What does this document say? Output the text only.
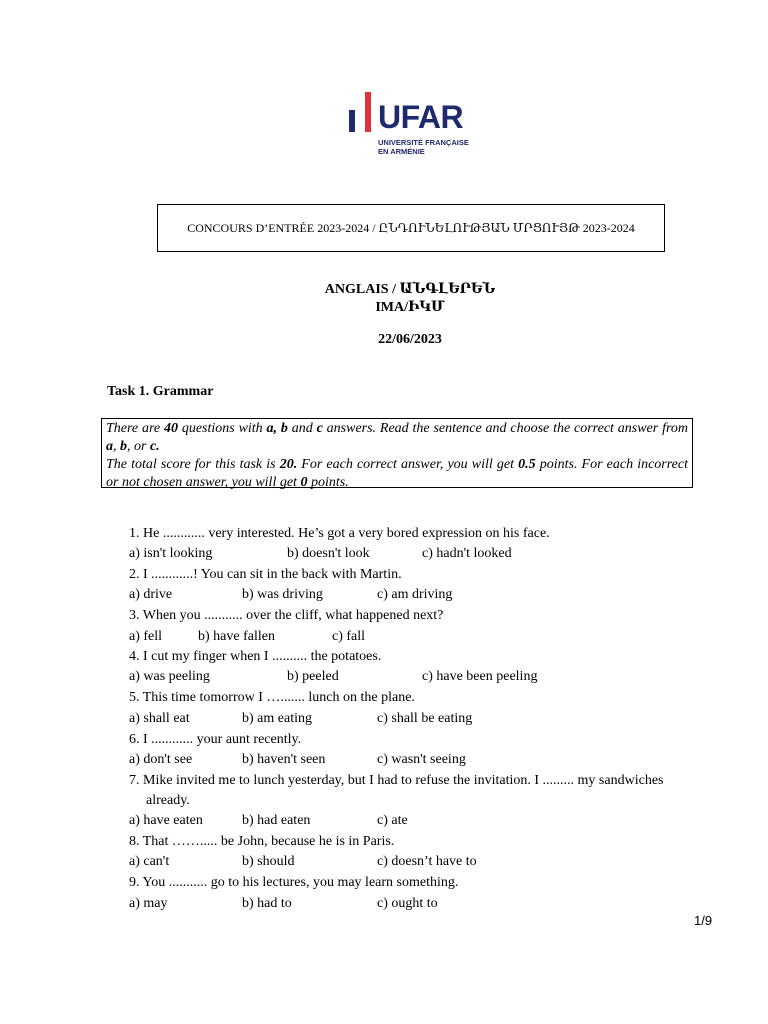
UFAR
UNIVERSITÉ FRANÇAISE
EN ARMÉNIE
CONCOURS D’ENTRÉE 2023-2024 / ԸՆԴՈՒՆԵԼՈՒԹՅԱՆ ՄՐՑՈՒՅԹ 2023-2024
ANGLAIS / ԱՆԳԼԵՐԵՆ
IMA/ԻԿՄ
22/06/2023
Task 1. Grammar
There are 40 questions with a, b and c answers. Read the sentence and choose the correct answer from a, b, or c.
The total score for this task is 20. For each correct answer, you will get 0.5 points. For each incorrect or not chosen answer, you will get 0 points.
1. He ............ very interested. He’s got a very bored expression on his face.
a) isn't looking	b) doesn't look	c) hadn't looked
2. I ............! You can sit in the back with Martin.
a) drive	b) was driving	c) am driving
3. When you ........... over the cliff, what happened next?
a) fell	b) have fallen	c) fall
4. I cut my finger when I .......... the potatoes.
a) was peeling	b) peeled	c) have been peeling
5. This time tomorrow I …....... lunch on the plane.
a) shall eat	b) am eating	c) shall be eating
6. I ............ your aunt recently.
a) don't see	b) haven't seen	c) wasn't seeing
7. Mike invited me to lunch yesterday, but I had to refuse the invitation. I ......... my sandwiches
already.
a) have eaten	b) had eaten	c) ate
8. That ……..... be John, because he is in Paris.
a) can't	b) should	c) doesn’t have to
9. You ........... go to his lectures, you may learn something.
a) may	b) had to	c) ought to
1/9
